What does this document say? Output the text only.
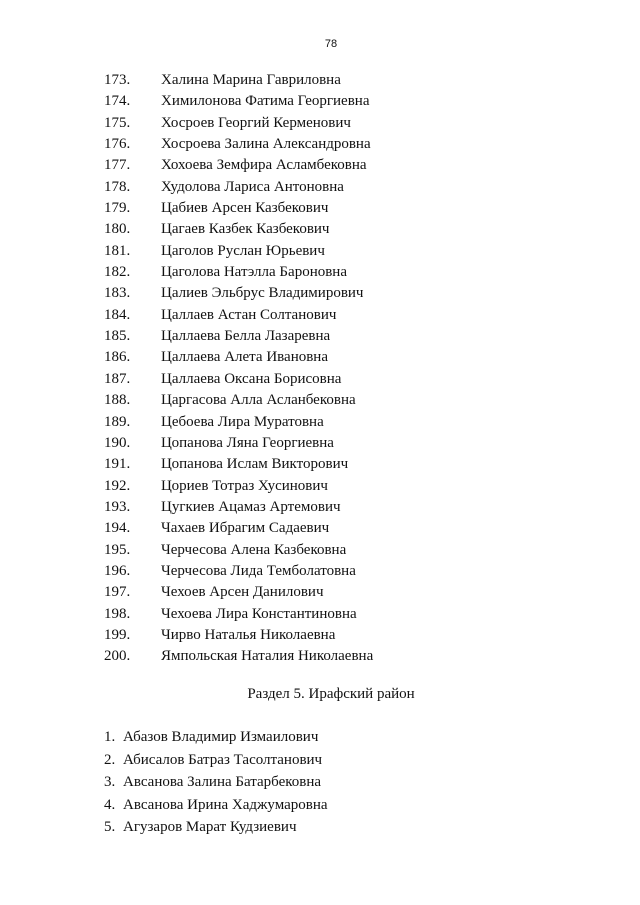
78
173. Халина Марина Гавриловна
174. Химилонова Фатима Георгиевна
175. Хосроев Георгий Керменович
176. Хосроева Залина Александровна
177. Хохоева Земфира Асламбековна
178. Худолова Лариса Антоновна
179. Цабиев Арсен Казбекович
180. Цагаев Казбек Казбекович
181. Цаголов Руслан Юрьевич
182. Цаголова Натэлла Бароновна
183. Цалиев Эльбрус Владимирович
184. Цаллаев Астан Солтанович
185. Цаллаева Белла Лазаревна
186. Цаллаева Алета Ивановна
187. Цаллаева Оксана Борисовна
188. Царгасова Алла Асланбековна
189. Цебоева Лира Муратовна
190. Цопанова Ляна Георгиевна
191. Цопанова Ислам Викторович
192. Цориев Тотраз Хусинович
193. Цугкиев Ацамаз Артемович
194. Чахаев Ибрагим Садаевич
195. Черчесова Алена Казбековна
196. Черчесова Лида Темболатовна
197. Чехоев Арсен Данилович
198. Чехоева Лира Константиновна
199. Чирво Наталья Николаевна
200. Ямпольская Наталия Николаевна
Раздел 5. Ирафский район
1. Абазов Владимир Измаилович
2. Абисалов Батраз Тасолтанович
3. Авсанова Залина Батарбековна
4. Авсанова Ирина Хаджумаровна
5. Агузаров Марат Кудзиевич
